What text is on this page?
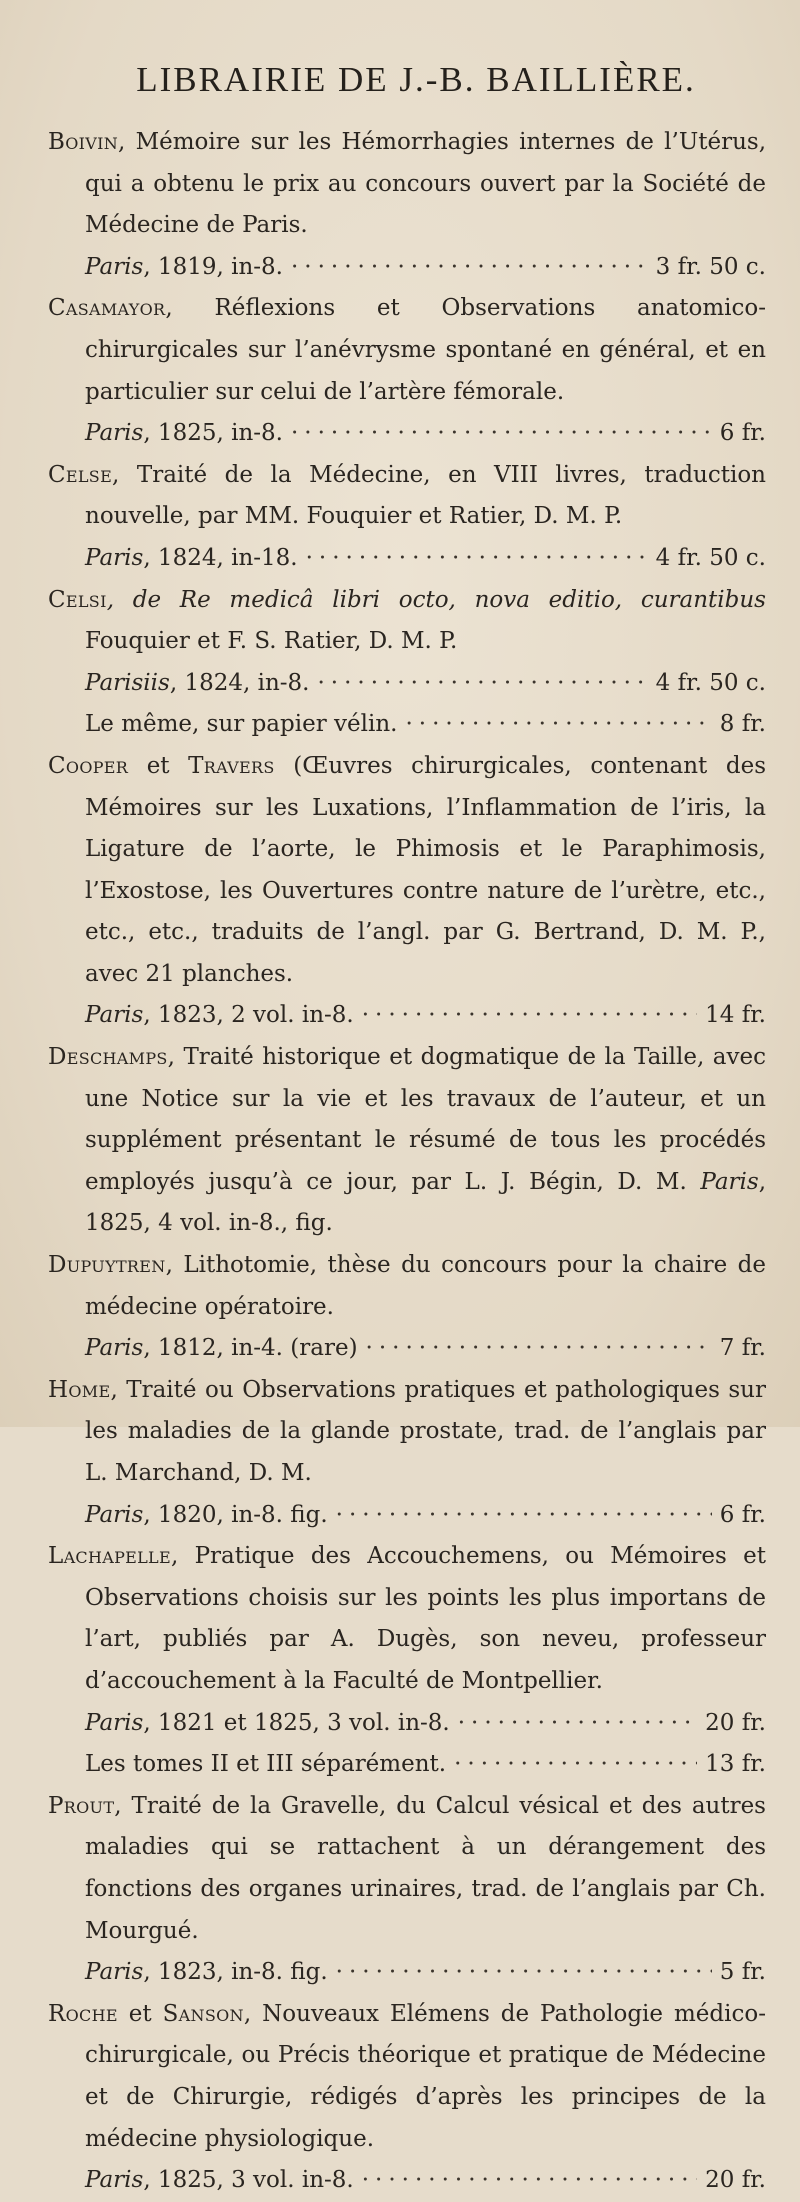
LIBRAIRIE DE J.-B. BAILLIÈRE.
Boivin, Mémoire sur les Hémorrhagies internes de l’Utérus, qui a obtenu le prix au concours ouvert par la Société de Médecine de Paris.
Paris, 1819, in-8. ·····	3 fr. 50 c.
Casamayor, Réflexions et Observations anatomico-chirurgicales sur l’anévrysme spontané en général, et en particulier sur celui de l’artère fémorale.
Paris, 1825, in-8. ·····	6 fr.
Celse, Traité de la Médecine, en VIII livres, traduction nouvelle, par MM. Fouquier et Ratier, D. M. P.
Paris, 1824, in-18. ·····	4 fr. 50 c.
Celsi, de Re medicâ libri octo, nova editio, curantibus Fouquier et F. S. Ratier, D. M. P.
Parisiis, 1824, in-8. ·····	4 fr. 50 c.
Le même, sur papier vélin. ·····	8 fr.
Cooper et Travers (Œuvres chirurgicales, contenant des Mémoires sur les Luxations, l’Inflammation de l’iris, la Ligature de l’aorte, le Phimosis et le Paraphimosis, l’Exostose, les Ouvertures contre nature de l’urètre, etc., etc., etc., traduits de l’angl. par G. Bertrand, D. M. P., avec 21 planches.
Paris, 1823, 2 vol. in-8. ·····	14 fr.
Deschamps, Traité historique et dogmatique de la Taille, avec une Notice sur la vie et les travaux de l’auteur, et un supplément présentant le résumé de tous les procédés employés jusqu’à ce jour, par L. J. Bégin, D. M. Paris, 1825, 4 vol. in-8., fig.
Dupuytren, Lithotomie, thèse du concours pour la chaire de médecine opératoire.
Paris, 1812, in-4. (rare) ·····	7 fr.
Home, Traité ou Observations pratiques et pathologiques sur les maladies de la glande prostate, trad. de l’anglais par L. Marchand, D. M.
Paris, 1820, in-8. fig. ·····	6 fr.
Lachapelle, Pratique des Accouchemens, ou Mémoires et Observations choisis sur les points les plus importans de l’art, publiés par A. Dugès, son neveu, professeur d’accouchement à la Faculté de Montpellier.
Paris, 1821 et 1825, 3 vol. in-8. ·····	20 fr.
Les tomes II et III séparément. ·····	13 fr.
Prout, Traité de la Gravelle, du Calcul vésical et des autres maladies qui se rattachent à un dérangement des fonctions des organes urinaires, trad. de l’anglais par Ch. Mourgué.
Paris, 1823, in-8. fig. ·····	5 fr.
Roche et Sanson, Nouveaux Elémens de Pathologie médico-chirurgicale, ou Précis théorique et pratique de Médecine et de Chirurgie, rédigés d’après les principes de la médecine physiologique.
Paris, 1825, 3 vol. in-8. ·····	20 fr.
